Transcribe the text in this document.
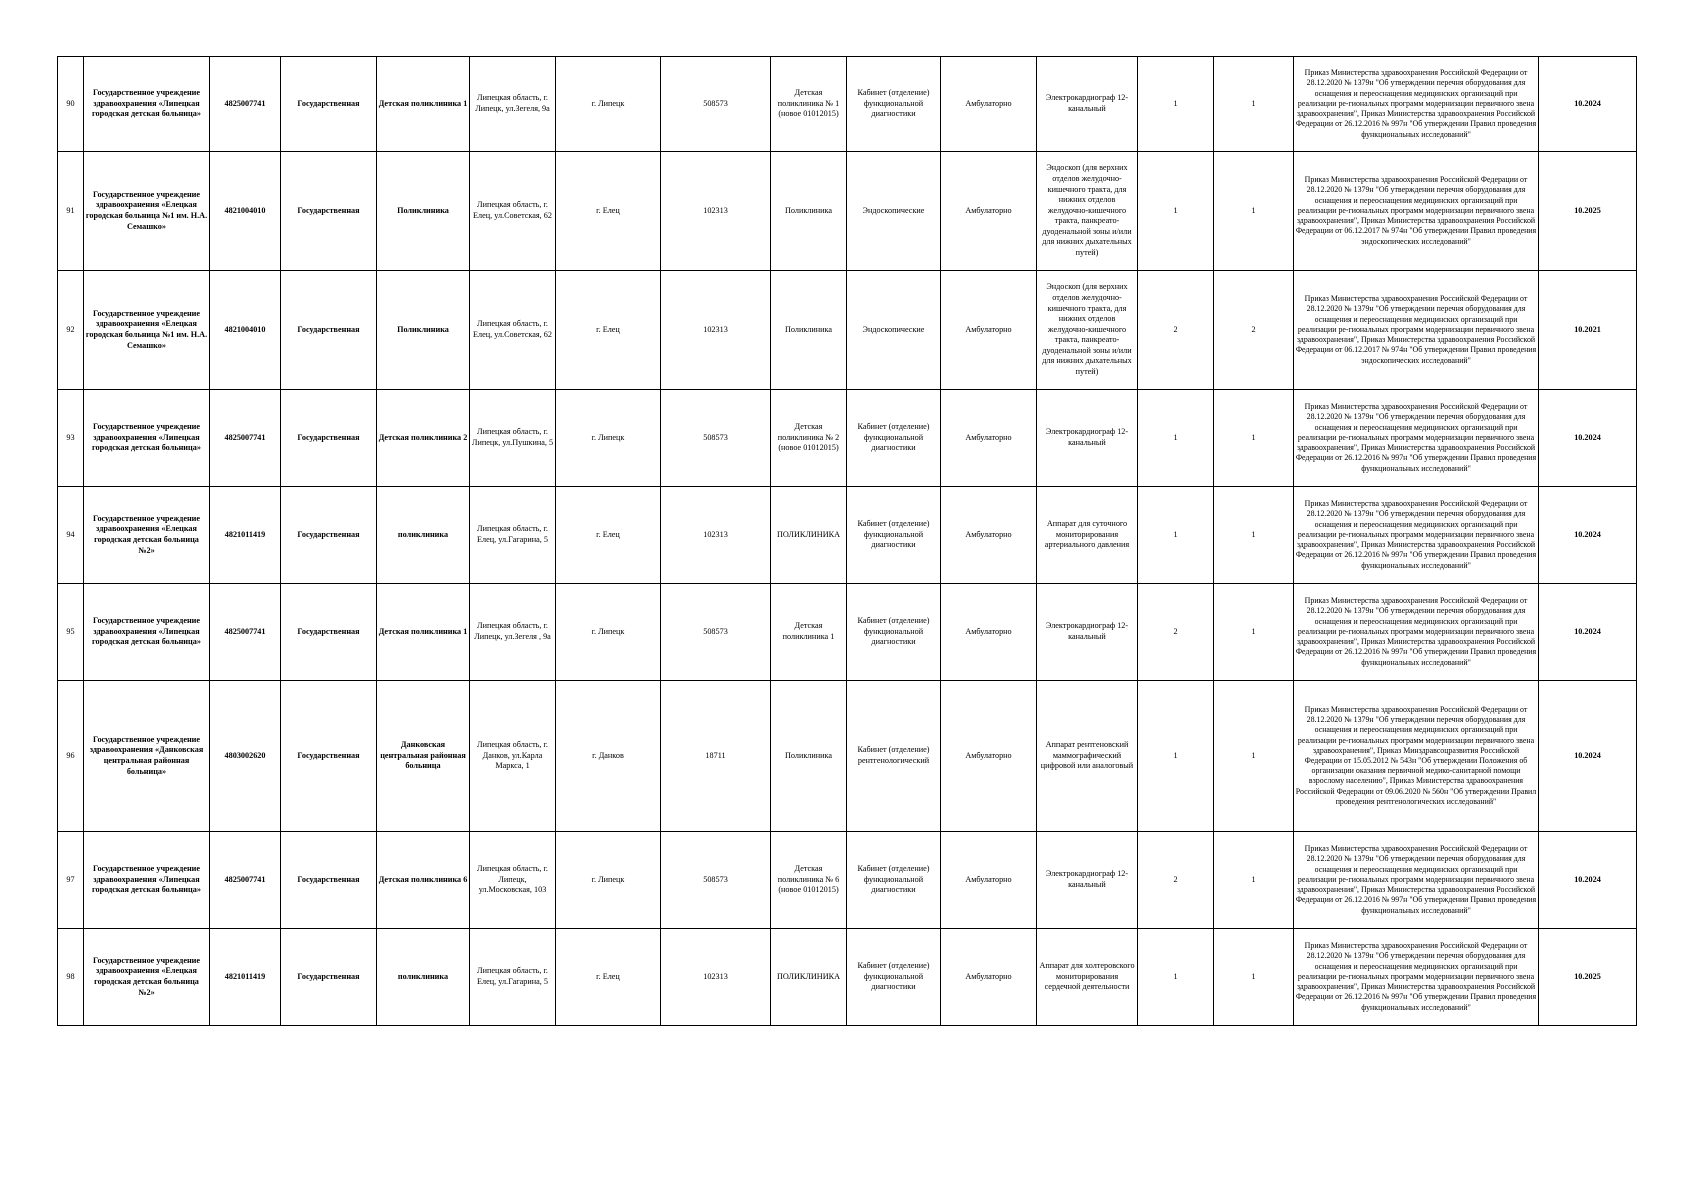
90	Государственное учреждение здравоохранения «Липецкая городская детская больница»	4825007741	Государственная	Детская поликлиника 1	Липецкая область, г. Липецк, ул.Зегеля, 9а	г. Липецк	508573	Детская поликлиника № 1 (новое 01012015)	Кабинет (отделение) функциональной диагностики	Амбулаторно	Электрокардиограф 12-канальный	1	1	Приказ Министерства здравоохранения Российской Федерации от 28.12.2020 № 1379н "Об утверждении перечня оборудования для оснащения и переоснащения медицинских организаций при реализации ре-гиональных программ модернизации первичного звена здравоохранения", Приказ Министерства здравоохранения Российской Федерации от 26.12.2016 № 997н "Об утверждении Правил проведения функциональных исследований"	10.2024
91	Государственное учреждение здравоохранения «Елецкая городская больница №1 им. Н.А. Семашко»	4821004010	Государственная	Поликлиника	Липецкая область, г. Елец, ул.Советская, 62	г. Елец	102313	Поликлиника	Эндоскопические	Амбулаторно	Эндоскоп (для верхних отделов желудочно-кишечного тракта, для нижних отделов желудочно-кишечного тракта, панкреато-дуоденальной зоны и/или для нижних дыхательных путей)	1	1	Приказ Министерства здравоохранения Российской Федерации от 28.12.2020 № 1379н "Об утверждении перечня оборудования для оснащения и переоснащения медицинских организаций при реализации ре-гиональных программ модернизации первичного звена здравоохранения", Приказ Министерства здравоохранения Российской Федерации от 06.12.2017 № 974н "Об утверждении Правил проведения эндоскопических исследований"	10.2025
92	Государственное учреждение здравоохранения «Елецкая городская больница №1 им. Н.А. Семашко»	4821004010	Государственная	Поликлиника	Липецкая область, г. Елец, ул.Советская, 62	г. Елец	102313	Поликлиника	Эндоскопические	Амбулаторно	Эндоскоп (для верхних отделов желудочно-кишечного тракта, для нижних отделов желудочно-кишечного тракта, панкреато-дуоденальной зоны и/или для нижних дыхательных путей)	2	2	Приказ Министерства здравоохранения Российской Федерации от 28.12.2020 № 1379н "Об утверждении перечня оборудования для оснащения и переоснащения медицинских организаций при реализации ре-гиональных программ модернизации первичного звена здравоохранения", Приказ Министерства здравоохранения Российской Федерации от 06.12.2017 № 974н "Об утверждении Правил проведения эндоскопических исследований"	10.2021
93	Государственное учреждение здравоохранения «Липецкая городская детская больница»	4825007741	Государственная	Детская поликлиника 2	Липецкая область, г. Липецк, ул.Пушкина, 5	г. Липецк	508573	Детская поликлиника № 2 (новое 01012015)	Кабинет (отделение) функциональной диагностики	Амбулаторно	Электрокардиограф 12-канальный	1	1	Приказ Министерства здравоохранения Российской Федерации от 28.12.2020 № 1379н "Об утверждении перечня оборудования для оснащения и переоснащения медицинских организаций при реализации ре-гиональных программ модернизации первичного звена здравоохранения", Приказ Министерства здравоохранения Российской Федерации от 26.12.2016 № 997н "Об утверждении Правил проведения функциональных исследований"	10.2024
94	Государственное учреждение здравоохранения «Елецкая городская детская больница №2»	4821011419	Государственная	поликлиника	Липецкая область, г. Елец, ул.Гагарина, 5	г. Елец	102313	ПОЛИКЛИНИКА	Кабинет (отделение) функциональной диагностики	Амбулаторно	Аппарат для суточного мониторирования артериального давления	1	1	Приказ Министерства здравоохранения Российской Федерации от 28.12.2020 № 1379н "Об утверждении перечня оборудования для оснащения и переоснащения медицинских организаций при реализации ре-гиональных программ модернизации первичного звена здравоохранения", Приказ Министерства здравоохранения Российской Федерации от 26.12.2016 № 997н "Об утверждении Правил проведения функциональных исследований"	10.2024
95	Государственное учреждение здравоохранения «Липецкая городская детская больница»	4825007741	Государственная	Детская поликлиника 1	Липецкая область, г. Липецк, ул.Зегеля , 9а	г. Липецк	508573	Детская поликлиника 1	Кабинет (отделение) функциональной диагностики	Амбулаторно	Электрокардиограф 12-канальный	2	1	Приказ Министерства здравоохранения Российской Федерации от 28.12.2020 № 1379н "Об утверждении перечня оборудования для оснащения и переоснащения медицинских организаций при реализации ре-гиональных программ модернизации первичного звена здравоохранения", Приказ Министерства здравоохранения Российской Федерации от 26.12.2016 № 997н "Об утверждении Правил проведения функциональных исследований"	10.2024
96	Государственное учреждение здравоохранения «Данковская центральная районная больница»	4803002620	Государственная	Данковская центральная районная больница	Липецкая область, г. Данков, ул.Карла Маркса, 1	г. Данков	18711	Поликлиника	Кабинет (отделение) рентгенологический	Амбулаторно	Аппарат рентгеновский маммографический цифровой или аналоговый	1	1	Приказ Министерства здравоохранения Российской Федерации от 28.12.2020 № 1379н "Об утверждении перечня оборудования для оснащения и переоснащения медицинских организаций при реализации ре-гиональных программ модернизации первичного звена здравоохранения", Приказ Минздравсоцразвития Российской Федерации от 15.05.2012 № 543н "Об утверждении Положения об организации оказания первичной медико-санитарной помощи взрослому населению", Приказ Министерства здравоохранения Российской Федерации от 09.06.2020 № 560н "Об утверждении Правил проведения рентгенологических исследований"	10.2024
97	Государственное учреждение здравоохранения «Липецкая городская детская больница»	4825007741	Государственная	Детская поликлиника 6	Липецкая область, г. Липецк, ул.Московская, 103	г. Липецк	508573	Детская поликлиника № 6 (новое 01012015)	Кабинет (отделение) функциональной диагностики	Амбулаторно	Электрокардиограф 12-канальный	2	1	Приказ Министерства здравоохранения Российской Федерации от 28.12.2020 № 1379н "Об утверждении перечня оборудования для оснащения и переоснащения медицинских организаций при реализации ре-гиональных программ модернизации первичного звена здравоохранения", Приказ Министерства здравоохранения Российской Федерации от 26.12.2016 № 997н "Об утверждении Правил проведения функциональных исследований"	10.2024
98	Государственное учреждение здравоохранения «Елецкая городская детская больница №2»	4821011419	Государственная	поликлиника	Липецкая область, г. Елец, ул.Гагарина, 5	г. Елец	102313	ПОЛИКЛИНИКА	Кабинет (отделение) функциональной диагностики	Амбулаторно	Аппарат для холтеровского мониторирования сердечной деятельности	1	1	Приказ Министерства здравоохранения Российской Федерации от 28.12.2020 № 1379н "Об утверждении перечня оборудования для оснащения и переоснащения медицинских организаций при реализации ре-гиональных программ модернизации первичного звена здравоохранения", Приказ Министерства здравоохранения Российской Федерации от 26.12.2016 № 997н "Об утверждении Правил проведения функциональных исследований"	10.2025
